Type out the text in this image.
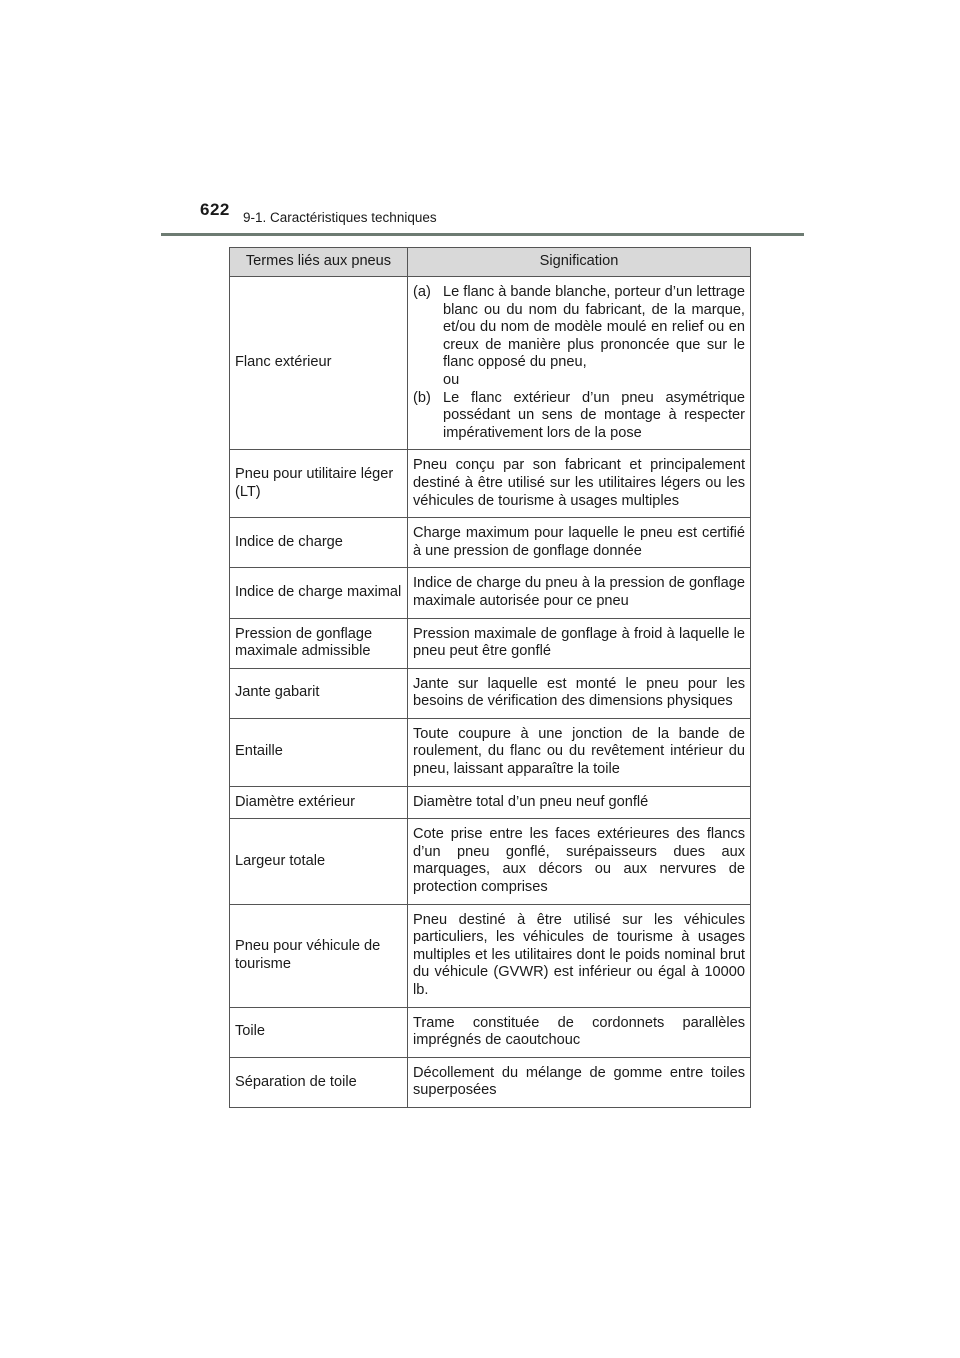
622 9-1. Caractéristiques techniques
Termes liés aux pneus	Signification
Flanc extérieur	(a) Le flanc à bande blanche, porteur d’un lettrage blanc ou du nom du fabricant, de la marque, et/ou du nom de modèle moulé en relief ou en creux de manière plus prononcée que sur le flanc opposé du pneu,
ou
(b) Le flanc extérieur d’un pneu asymétrique possédant un sens de montage à respecter impérativement lors de la pose

Pneu pour utilitaire léger (LT)	Pneu conçu par son fabricant et principalement destiné à être utilisé sur les utilitaires légers ou les véhicules de tourisme à usages multiples
Indice de charge	Charge maximum pour laquelle le pneu est certifié à une pression de gonflage donnée
Indice de charge maximal	Indice de charge du pneu à la pression de gonflage maximale autorisée pour ce pneu
Pression de gonflage maximale admissible	Pression maximale de gonflage à froid à laquelle le pneu peut être gonflé
Jante gabarit	Jante sur laquelle est monté le pneu pour les besoins de vérification des dimensions physiques
Entaille	Toute coupure à une jonction de la bande de roulement, du flanc ou du revêtement intérieur du pneu, laissant apparaître la toile
Diamètre extérieur	Diamètre total d’un pneu neuf gonflé
Largeur totale	Cote prise entre les faces extérieures des flancs d’un pneu gonflé, surépaisseurs dues aux marquages, aux décors ou aux nervures de protection comprises
Pneu pour véhicule de tourisme	Pneu destiné à être utilisé sur les véhicules particuliers, les véhicules de tourisme à usages multiples et les utilitaires dont le poids nominal brut du véhicule (GVWR) est inférieur ou égal à 10000 lb.
Toile	Trame constituée de cordonnets parallèles imprégnés de caoutchouc
Séparation de toile	Décollement du mélange de gomme entre toiles superposées
